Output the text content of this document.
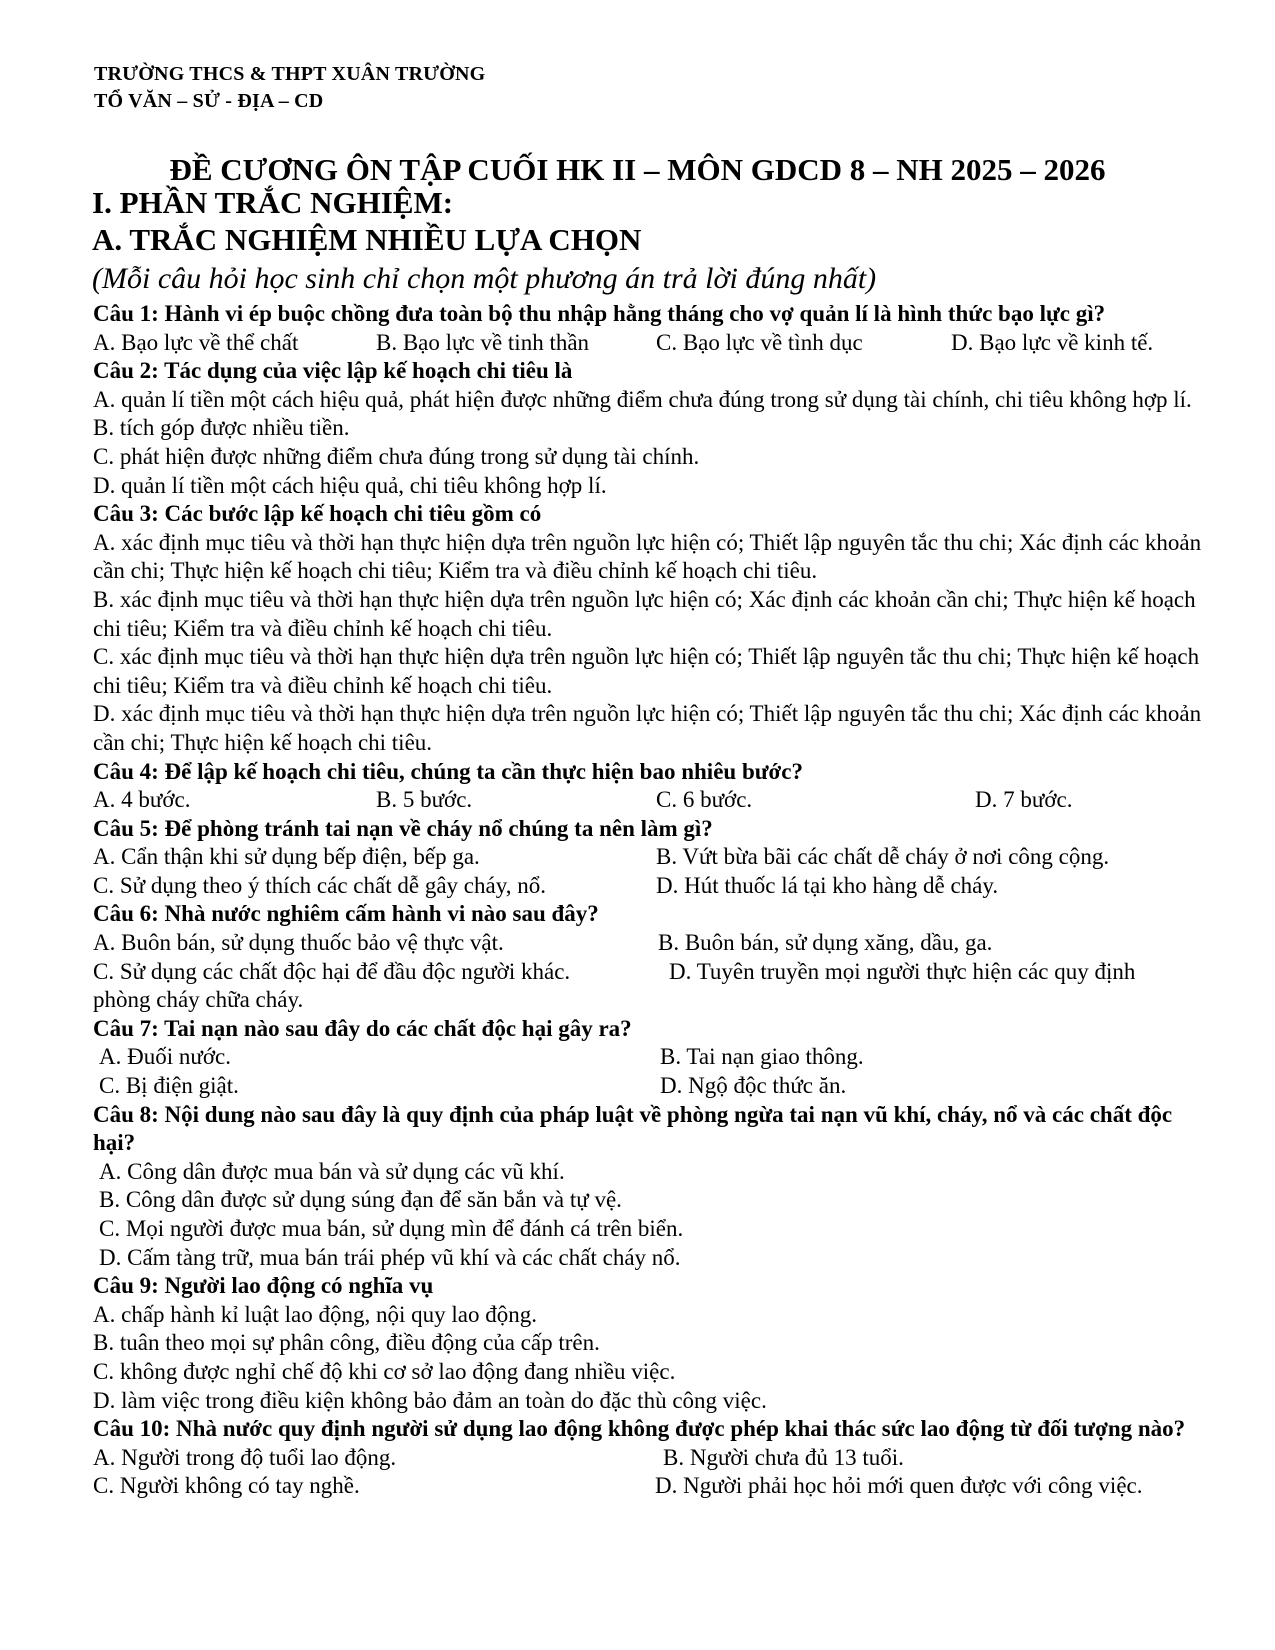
TRƯỜNG THCS & THPT XUÂN TRƯỜNG
TỔ VĂN – SỬ - ĐỊA – CD
ĐỀ CƯƠNG ÔN TẬP CUỐI HK II – MÔN GDCD 8 – NH 2025 – 2026
I. PHẦN TRẮC NGHIỆM:
A. TRẮC NGHIỆM NHIỀU LỰA CHỌN
(Mỗi câu hỏi học sinh chỉ chọn một phương án trả lời đúng nhất)
Câu 1: Hành vi ép buộc chồng đưa toàn bộ thu nhập hằng tháng cho vợ quản lí là hình thức bạo lực gì?
A. Bạo lực về thể chất	B. Bạo lực về tinh thần	C. Bạo lực về tình dục	D. Bạo lực về kinh tế.
Câu 2: Tác dụng của việc lập kế hoạch chi tiêu là
A. quản lí tiền một cách hiệu quả, phát hiện được những điểm chưa đúng trong sử dụng tài chính, chi tiêu không hợp lí.
B. tích góp được nhiều tiền.
C. phát hiện được những điểm chưa đúng trong sử dụng tài chính.
D. quản lí tiền một cách hiệu quả, chi tiêu không hợp lí.
Câu 3: Các bước lập kế hoạch chi tiêu gồm có
A. xác định mục tiêu và thời hạn thực hiện dựa trên nguồn lực hiện có; Thiết lập nguyên tắc thu chi; Xác định các khoản cần chi; Thực hiện kế hoạch chi tiêu; Kiểm tra và điều chỉnh kế hoạch chi tiêu.
B. xác định mục tiêu và thời hạn thực hiện dựa trên nguồn lực hiện có; Xác định các khoản cần chi; Thực hiện kế hoạch chi tiêu; Kiểm tra và điều chỉnh kế hoạch chi tiêu.
C. xác định mục tiêu và thời hạn thực hiện dựa trên nguồn lực hiện có; Thiết lập nguyên tắc thu chi; Thực hiện kế hoạch chi tiêu; Kiểm tra và điều chỉnh kế hoạch chi tiêu.
D. xác định mục tiêu và thời hạn thực hiện dựa trên nguồn lực hiện có; Thiết lập nguyên tắc thu chi; Xác định các khoản cần chi; Thực hiện kế hoạch chi tiêu.
Câu 4: Để lập kế hoạch chi tiêu, chúng ta cần thực hiện bao nhiêu bước?
A. 4 bước.	B. 5 bước.	C. 6 bước.	D. 7 bước.
Câu 5: Để phòng tránh tai nạn về cháy nổ chúng ta nên làm gì?
A. Cẩn thận khi sử dụng bếp điện, bếp ga.	B. Vứt bừa bãi các chất dễ cháy ở nơi công cộng.
C. Sử dụng theo ý thích các chất dễ gây cháy, nổ.	D. Hút thuốc lá tại kho hàng dễ cháy.
Câu 6: Nhà nước nghiêm cấm hành vi nào sau đây?
A. Buôn bán, sử dụng thuốc bảo vệ thực vật.	B. Buôn bán, sử dụng xăng, dầu, ga.
C. Sử dụng các chất độc hại để đầu độc người khác.	D. Tuyên truyền mọi người thực hiện các quy định
phòng cháy chữa cháy.
Câu 7: Tai nạn nào sau đây do các chất độc hại gây ra?
A. Đuối nước.	B. Tai nạn giao thông.
C. Bị điện giật.	D. Ngộ độc thức ăn.
Câu 8: Nội dung nào sau đây là quy định của pháp luật về phòng ngừa tai nạn vũ khí, cháy, nổ và các chất độc hại?
A. Công dân được mua bán và sử dụng các vũ khí.
B. Công dân được sử dụng súng đạn để săn bắn và tự vệ.
C. Mọi người được mua bán, sử dụng mìn để đánh cá trên biển.
D. Cấm tàng trữ, mua bán trái phép vũ khí và các chất cháy nổ.
Câu 9: Người lao động có nghĩa vụ
A. chấp hành kỉ luật lao động, nội quy lao động.
B. tuân theo mọi sự phân công, điều động của cấp trên.
C. không được nghỉ chế độ khi cơ sở lao động đang nhiều việc.
D. làm việc trong điều kiện không bảo đảm an toàn do đặc thù công việc.
Câu 10: Nhà nước quy định người sử dụng lao động không được phép khai thác sức lao động từ đối tượng nào?
A. Người trong độ tuổi lao động.	B. Người chưa đủ 13 tuổi.
C. Người không có tay nghề.	D. Người phải học hỏi mới quen được với công việc.
